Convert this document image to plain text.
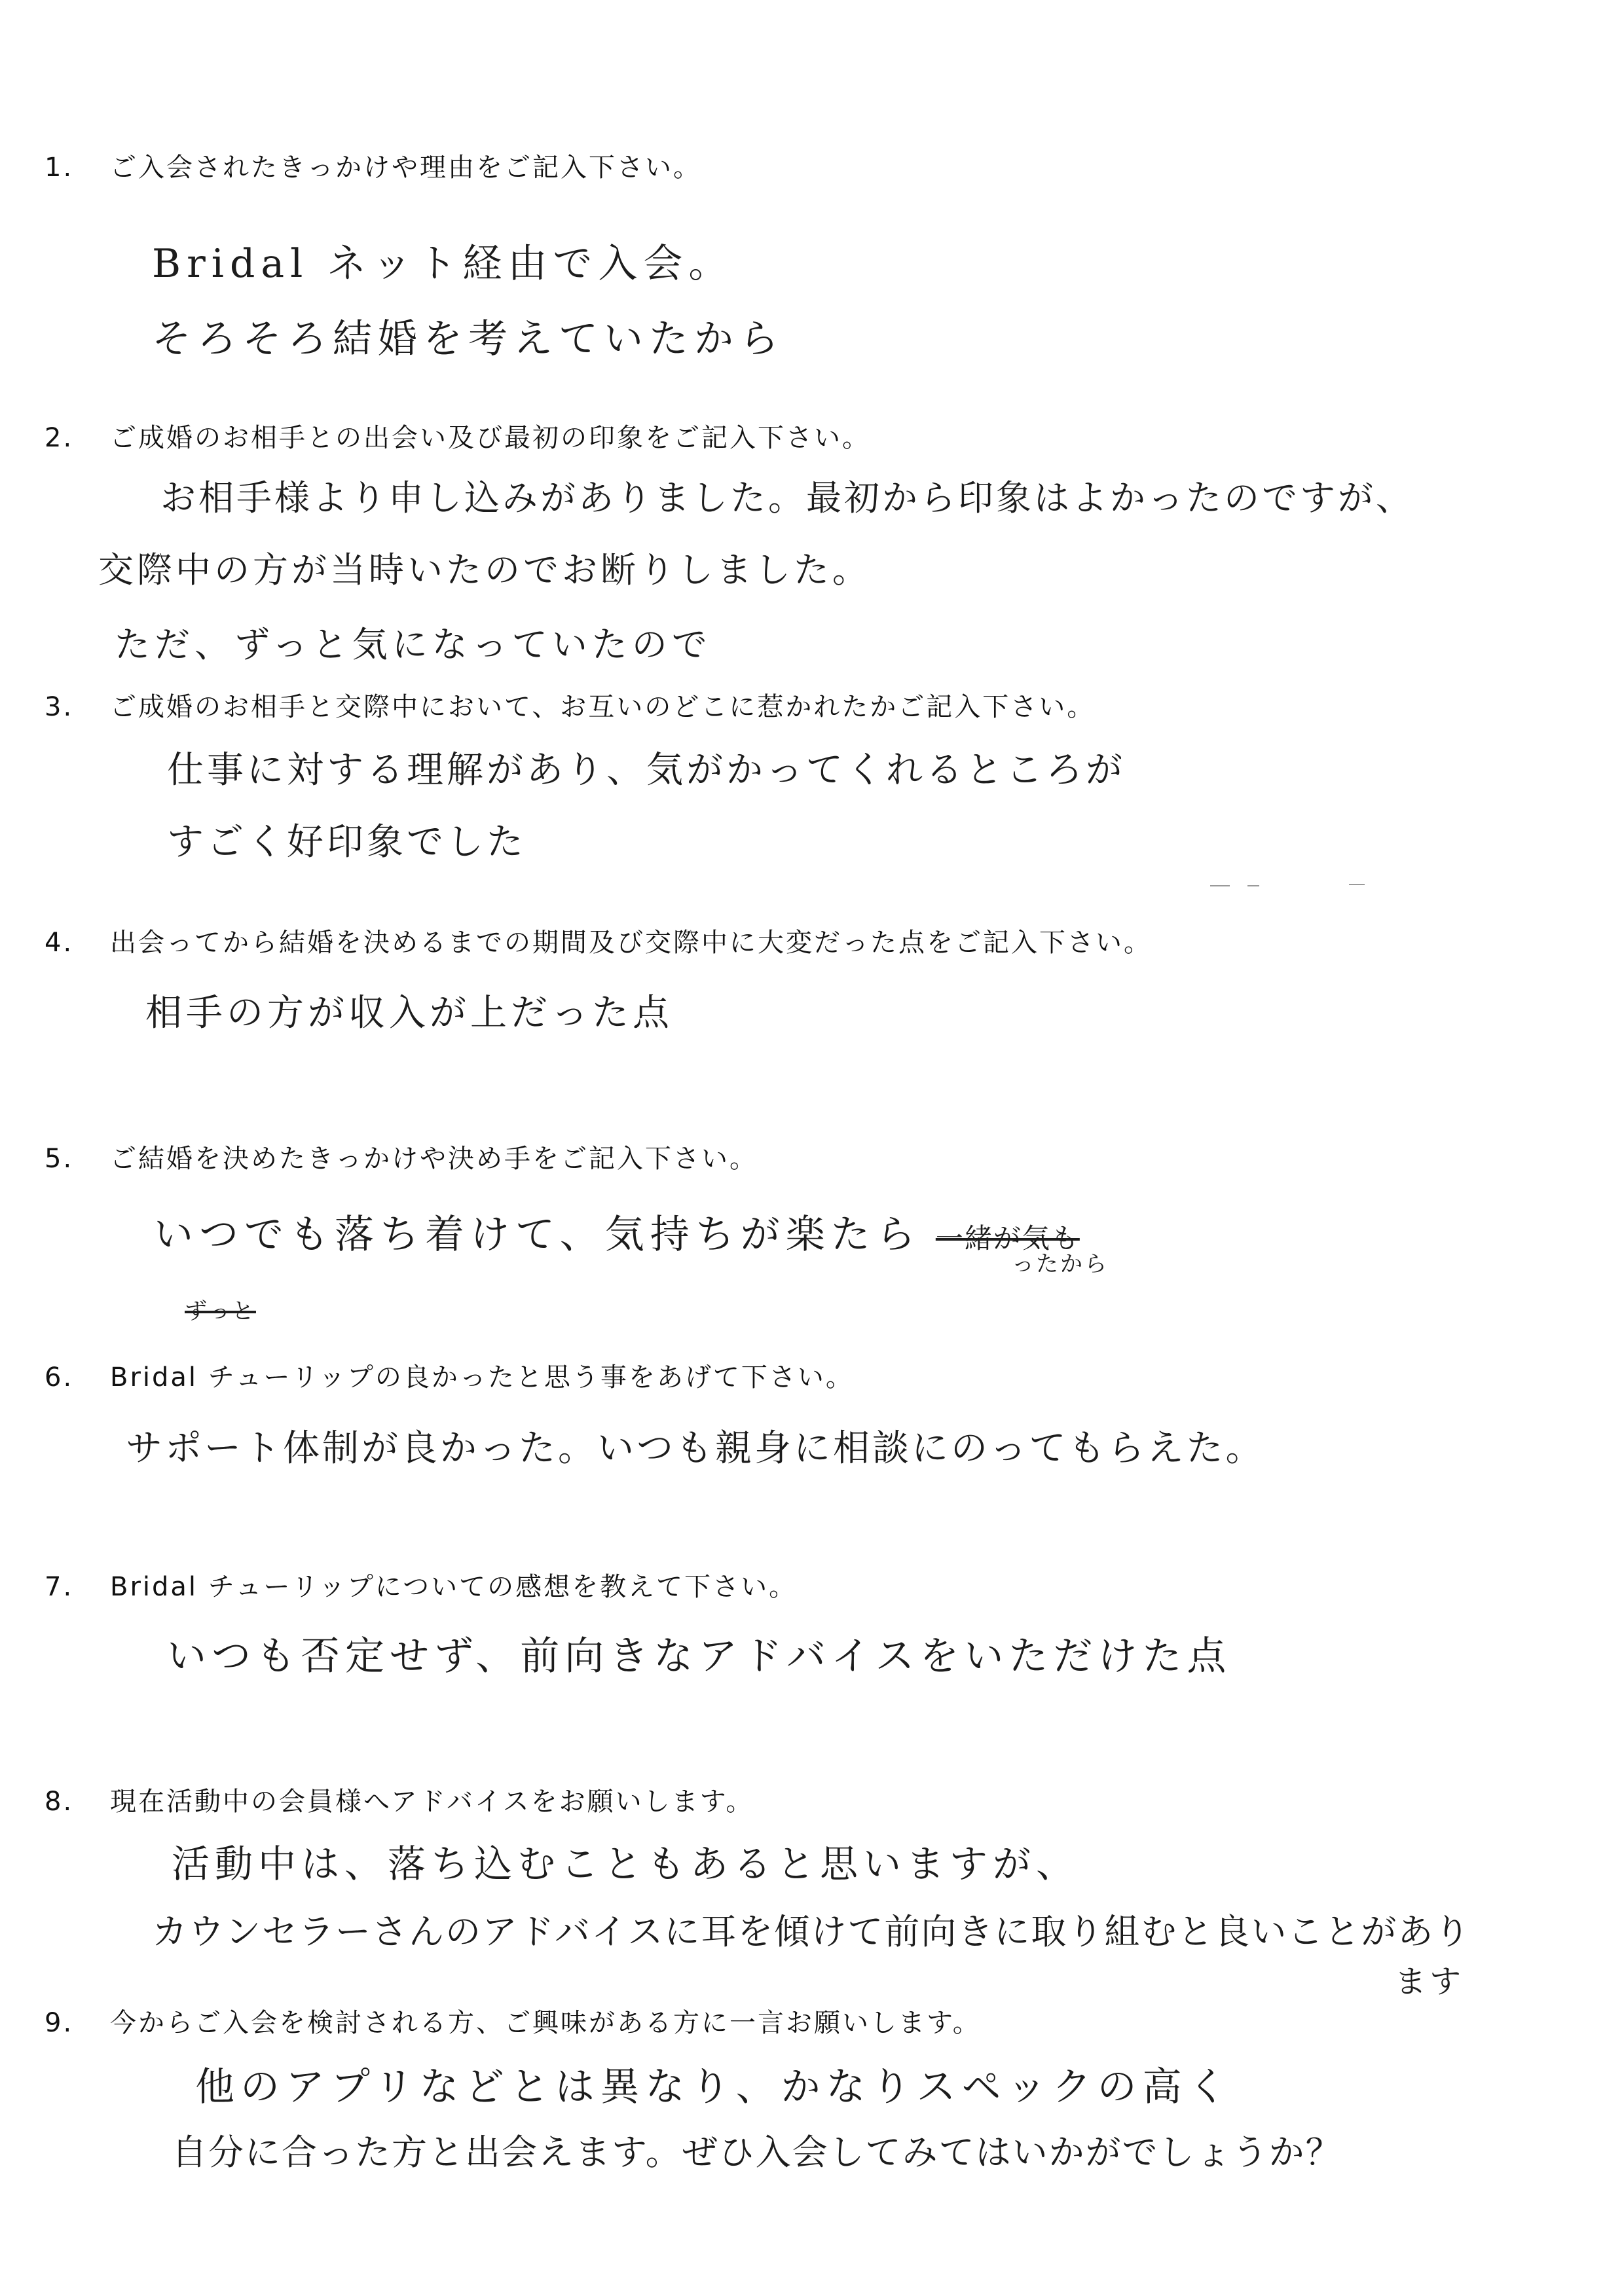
1. ご入会されたきっかけや理由をご記入下さい。
Bridal ネット経由で入会。
そろそろ結婚を考えていたから
2. ご成婚のお相手との出会い及び最初の印象をご記入下さい。
お相手様より申し込みがありました。最初から印象はよかったのですが、
交際中の方が当時いたのでお断りしました。
ただ、ずっと気になっていたので
3. ご成婚のお相手と交際中において、お互いのどこに惹かれたかご記入下さい。
仕事に対する理解があり、気がかってくれるところが
すごく好印象でした
4. 出会ってから結婚を決めるまでの期間及び交際中に大変だった点をご記入下さい。
相手の方が収入が上だった点
5. ご結婚を決めたきっかけや決め手をご記入下さい。
いつでも落ち着けて、気持ちが楽たら 一緒が気も
ったから
ずっと
6. Bridal チューリップの良かったと思う事をあげて下さい。
サポート体制が良かった。いつも親身に相談にのってもらえた。
7. Bridal チューリップについての感想を教えて下さい。
いつも否定せず、前向きなアドバイスをいただけた点
8. 現在活動中の会員様へアドバイスをお願いします。
活動中は、落ち込むこともあると思いますが、
カウンセラーさんのアドバイスに耳を傾けて前向きに取り組むと良いことがあり
ます
9. 今からご入会を検討される方、ご興味がある方に一言お願いします。
他のアプリなどとは異なり、かなりスペックの高く
自分に合った方と出会えます。ぜひ入会してみてはいかがでしょうか？
